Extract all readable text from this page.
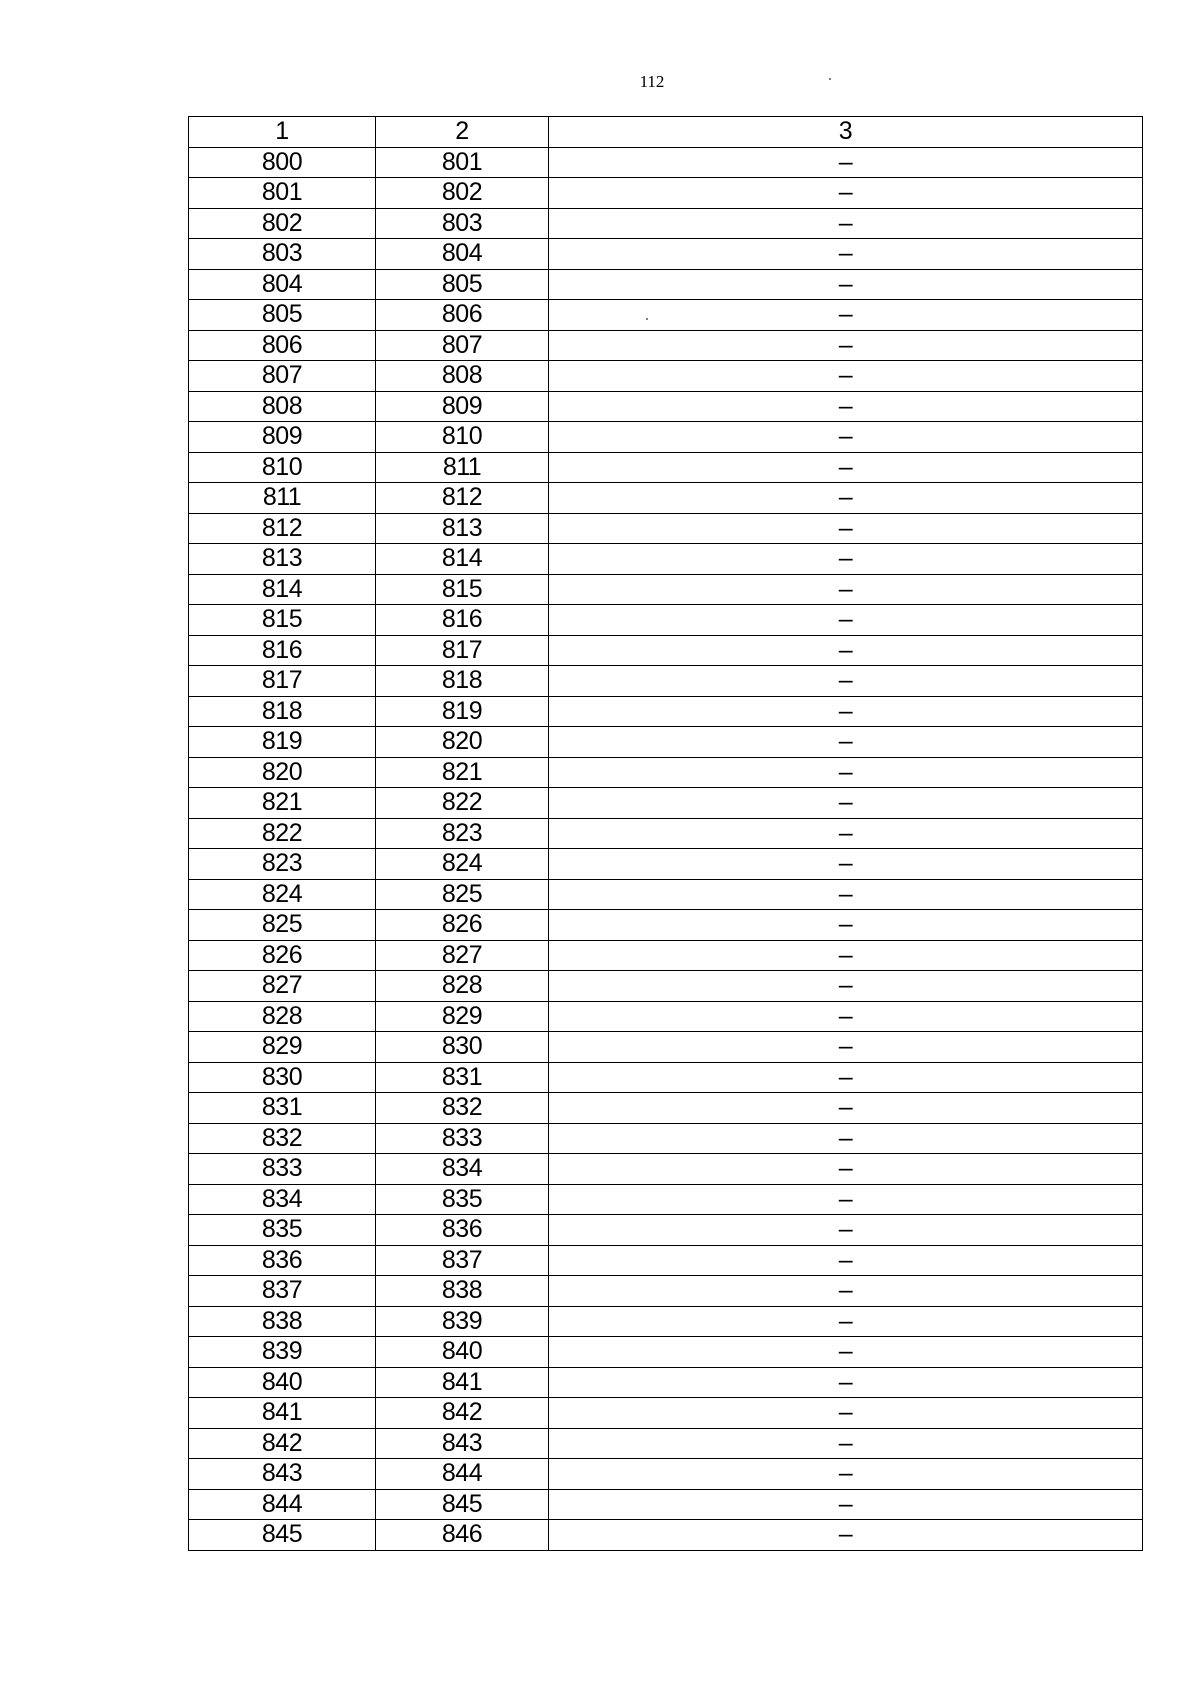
112
1	2	3
800	801	–
801	802	–
802	803	–
803	804	–
804	805	–
805	806	–
806	807	–
807	808	–
808	809	–
809	810	–
810	811	–
811	812	–
812	813	–
813	814	–
814	815	–
815	816	–
816	817	–
817	818	–
818	819	–
819	820	–
820	821	–
821	822	–
822	823	–
823	824	–
824	825	–
825	826	–
826	827	–
827	828	–
828	829	–
829	830	–
830	831	–
831	832	–
832	833	–
833	834	–
834	835	–
835	836	–
836	837	–
837	838	–
838	839	–
839	840	–
840	841	–
841	842	–
842	843	–
843	844	–
844	845	–
845	846	–
